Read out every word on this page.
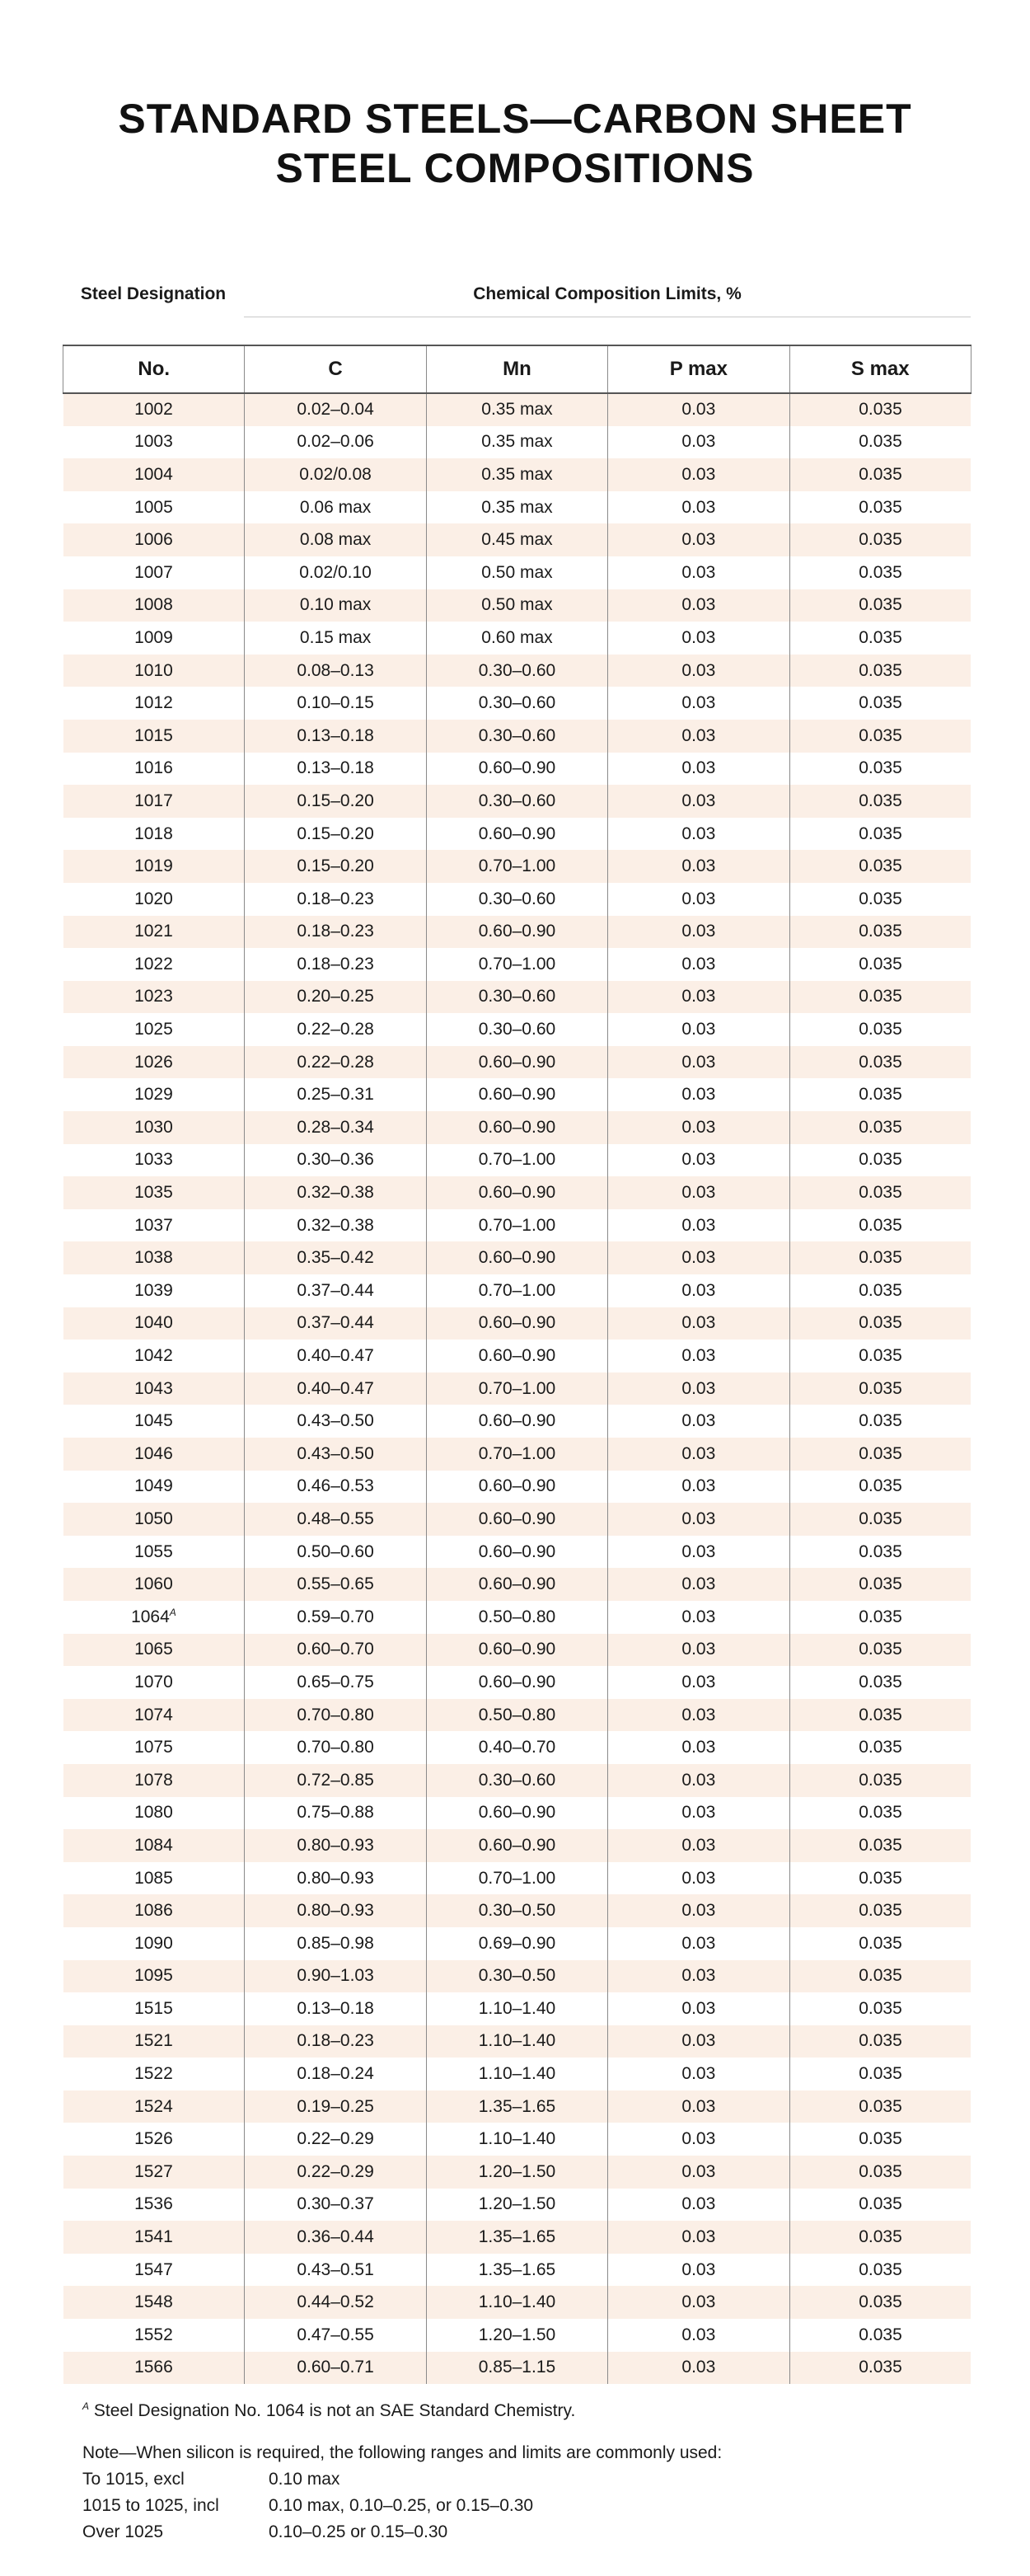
STANDARD STEELS—CARBON SHEET
STEEL COMPOSITIONS
Steel Designation	Chemical Composition Limits, %
No.	C	Mn	P max	S max
1002	0.02–0.04	0.35 max	0.03	0.035
1003	0.02–0.06	0.35 max	0.03	0.035
1004	0.02/0.08	0.35 max	0.03	0.035
1005	0.06 max	0.35 max	0.03	0.035
1006	0.08 max	0.45 max	0.03	0.035
1007	0.02/0.10	0.50 max	0.03	0.035
1008	0.10 max	0.50 max	0.03	0.035
1009	0.15 max	0.60 max	0.03	0.035
1010	0.08–0.13	0.30–0.60	0.03	0.035
1012	0.10–0.15	0.30–0.60	0.03	0.035
1015	0.13–0.18	0.30–0.60	0.03	0.035
1016	0.13–0.18	0.60–0.90	0.03	0.035
1017	0.15–0.20	0.30–0.60	0.03	0.035
1018	0.15–0.20	0.60–0.90	0.03	0.035
1019	0.15–0.20	0.70–1.00	0.03	0.035
1020	0.18–0.23	0.30–0.60	0.03	0.035
1021	0.18–0.23	0.60–0.90	0.03	0.035
1022	0.18–0.23	0.70–1.00	0.03	0.035
1023	0.20–0.25	0.30–0.60	0.03	0.035
1025	0.22–0.28	0.30–0.60	0.03	0.035
1026	0.22–0.28	0.60–0.90	0.03	0.035
1029	0.25–0.31	0.60–0.90	0.03	0.035
1030	0.28–0.34	0.60–0.90	0.03	0.035
1033	0.30–0.36	0.70–1.00	0.03	0.035
1035	0.32–0.38	0.60–0.90	0.03	0.035
1037	0.32–0.38	0.70–1.00	0.03	0.035
1038	0.35–0.42	0.60–0.90	0.03	0.035
1039	0.37–0.44	0.70–1.00	0.03	0.035
1040	0.37–0.44	0.60–0.90	0.03	0.035
1042	0.40–0.47	0.60–0.90	0.03	0.035
1043	0.40–0.47	0.70–1.00	0.03	0.035
1045	0.43–0.50	0.60–0.90	0.03	0.035
1046	0.43–0.50	0.70–1.00	0.03	0.035
1049	0.46–0.53	0.60–0.90	0.03	0.035
1050	0.48–0.55	0.60–0.90	0.03	0.035
1055	0.50–0.60	0.60–0.90	0.03	0.035
1060	0.55–0.65	0.60–0.90	0.03	0.035
$1064^A$	0.59–0.70	0.50–0.80	0.03	0.035
1065	0.60–0.70	0.60–0.90	0.03	0.035
1070	0.65–0.75	0.60–0.90	0.03	0.035
1074	0.70–0.80	0.50–0.80	0.03	0.035
1075	0.70–0.80	0.40–0.70	0.03	0.035
1078	0.72–0.85	0.30–0.60	0.03	0.035
1080	0.75–0.88	0.60–0.90	0.03	0.035
1084	0.80–0.93	0.60–0.90	0.03	0.035
1085	0.80–0.93	0.70–1.00	0.03	0.035
1086	0.80–0.93	0.30–0.50	0.03	0.035
1090	0.85–0.98	0.69–0.90	0.03	0.035
1095	0.90–1.03	0.30–0.50	0.03	0.035
1515	0.13–0.18	1.10–1.40	0.03	0.035
1521	0.18–0.23	1.10–1.40	0.03	0.035
1522	0.18–0.24	1.10–1.40	0.03	0.035
1524	0.19–0.25	1.35–1.65	0.03	0.035
1526	0.22–0.29	1.10–1.40	0.03	0.035
1527	0.22–0.29	1.20–1.50	0.03	0.035
1536	0.30–0.37	1.20–1.50	0.03	0.035
1541	0.36–0.44	1.35–1.65	0.03	0.035
1547	0.43–0.51	1.35–1.65	0.03	0.035
1548	0.44–0.52	1.10–1.40	0.03	0.035
1552	0.47–0.55	1.20–1.50	0.03	0.035
1566	0.60–0.71	0.85–1.15	0.03	0.035
$^A$ Steel Designation No. 1064 is not an SAE Standard Chemistry.
Note—When silicon is required, the following ranges and limits are commonly used:
To 1015, excl	0.10 max
1015 to 1025, incl	0.10 max, 0.10–0.25, or 0.15–0.30
Over 1025	0.10–0.25 or 0.15–0.30
